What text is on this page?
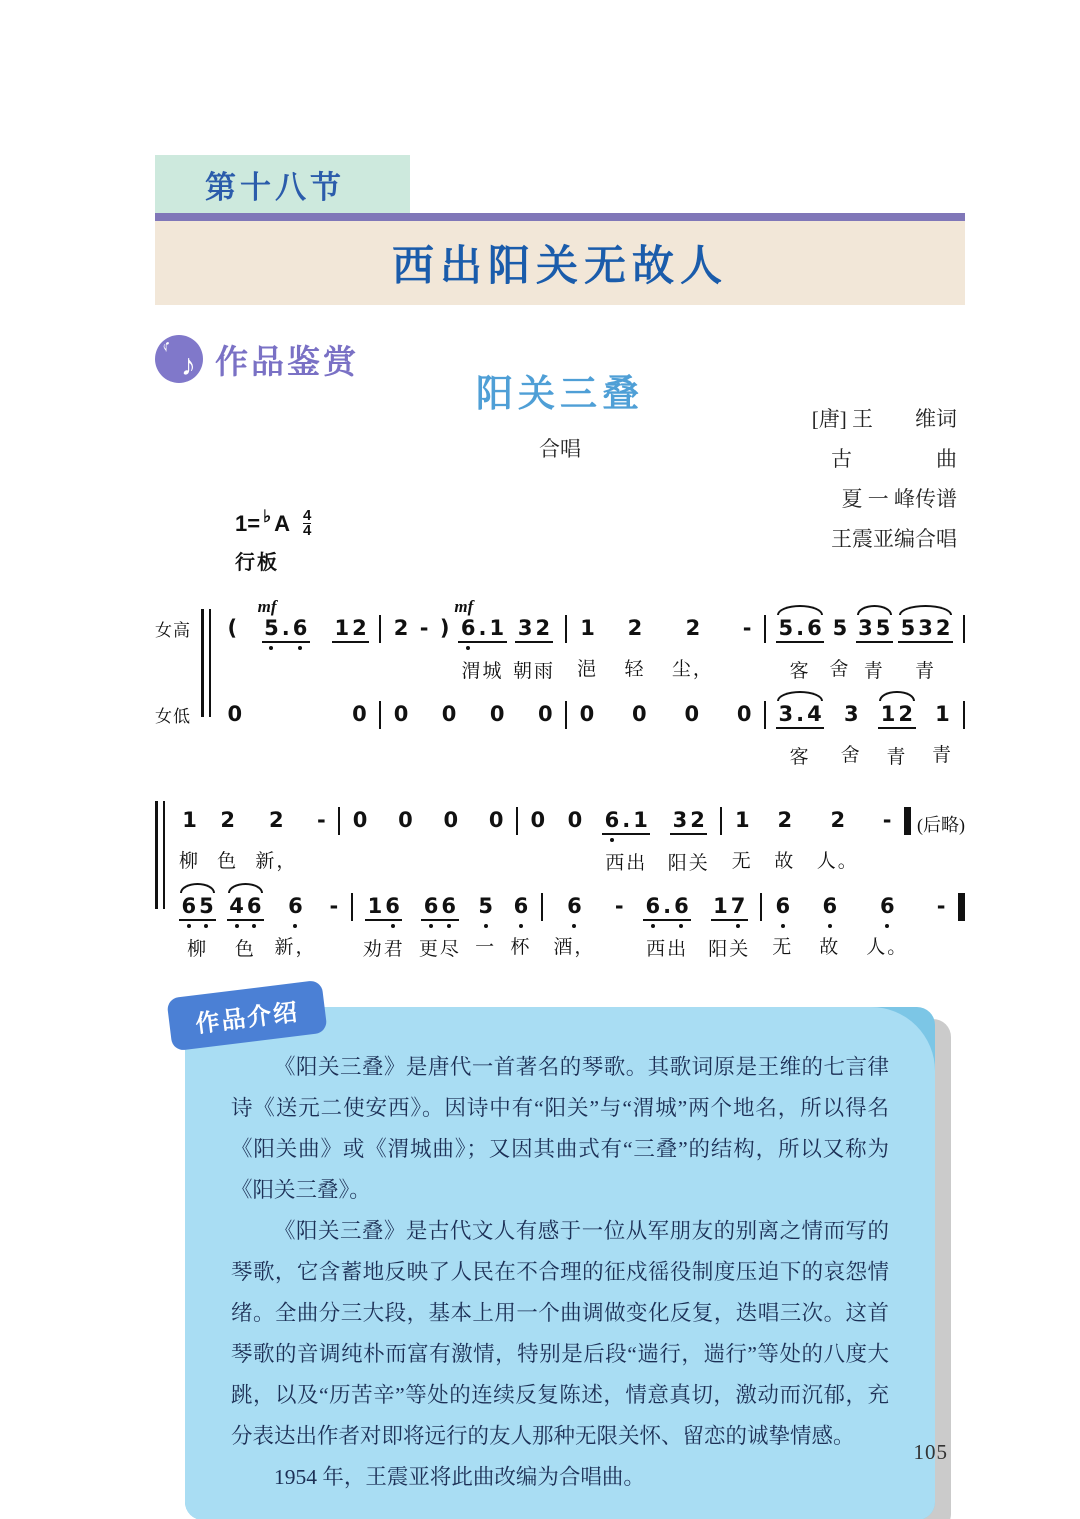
第十八节
西出阳关无故人
♪
♪ 作品鉴赏
阳关三叠
合唱
[唐] 王　　维词
古　　　　曲
夏 一 峰传谱
王震亚编合唱
1= ♭ A $\frac{4}{4}$
行板
女高	(

mf
5 . 6
1 2
2
-
)

mf
6 . 1
渭城
3 2
朝雨
1
浥
2
轻
2
尘，
-
5 . 6
客
5
舍
3 5
青
5 3 2
青
女低	0
	0
0
0
0
0
0
0
0
0
3 . 4
客
3
舍
1 2
青
1
青
1
柳
2
色
2
新，
-
0
0
0
0
0
0
6 . 1
西出
3 2
阳关
1
无
2
故
2
人。
-
(后略)
6 5
柳
4 6
色
6
新，
-
1 6
劝君
6 6
更尽
5
一
6
杯
6
酒，
-
6 . 6
西出
1 7
阳关
6
无
6
故
6
人。
-

作品介绍

《阳关三叠》是唐代一首著名的琴歌。其歌词原是王维的七言律诗《送元二使安西》。因诗中有“阳关”与“渭城”两个地名，所以得名《阳关曲》或《渭城曲》；又因其曲式有“三叠”的结构，所以又称为《阳关三叠》。

《阳关三叠》是古代文人有感于一位从军朋友的别离之情而写的琴歌，它含蓄地反映了人民在不合理的征戍徭役制度压迫下的哀怨情绪。全曲分三大段，基本上用一个曲调做变化反复，迭唱三次。这首琴歌的音调纯朴而富有激情，特别是后段“遄行，遄行”等处的八度大跳，以及“历苦辛”等处的连续反复陈述，情意真切，激动而沉郁，充分表达出作者对即将远行的友人那种无限关怀、留恋的诚挚情感。

1954 年，王震亚将此曲改编为合唱曲。

105
